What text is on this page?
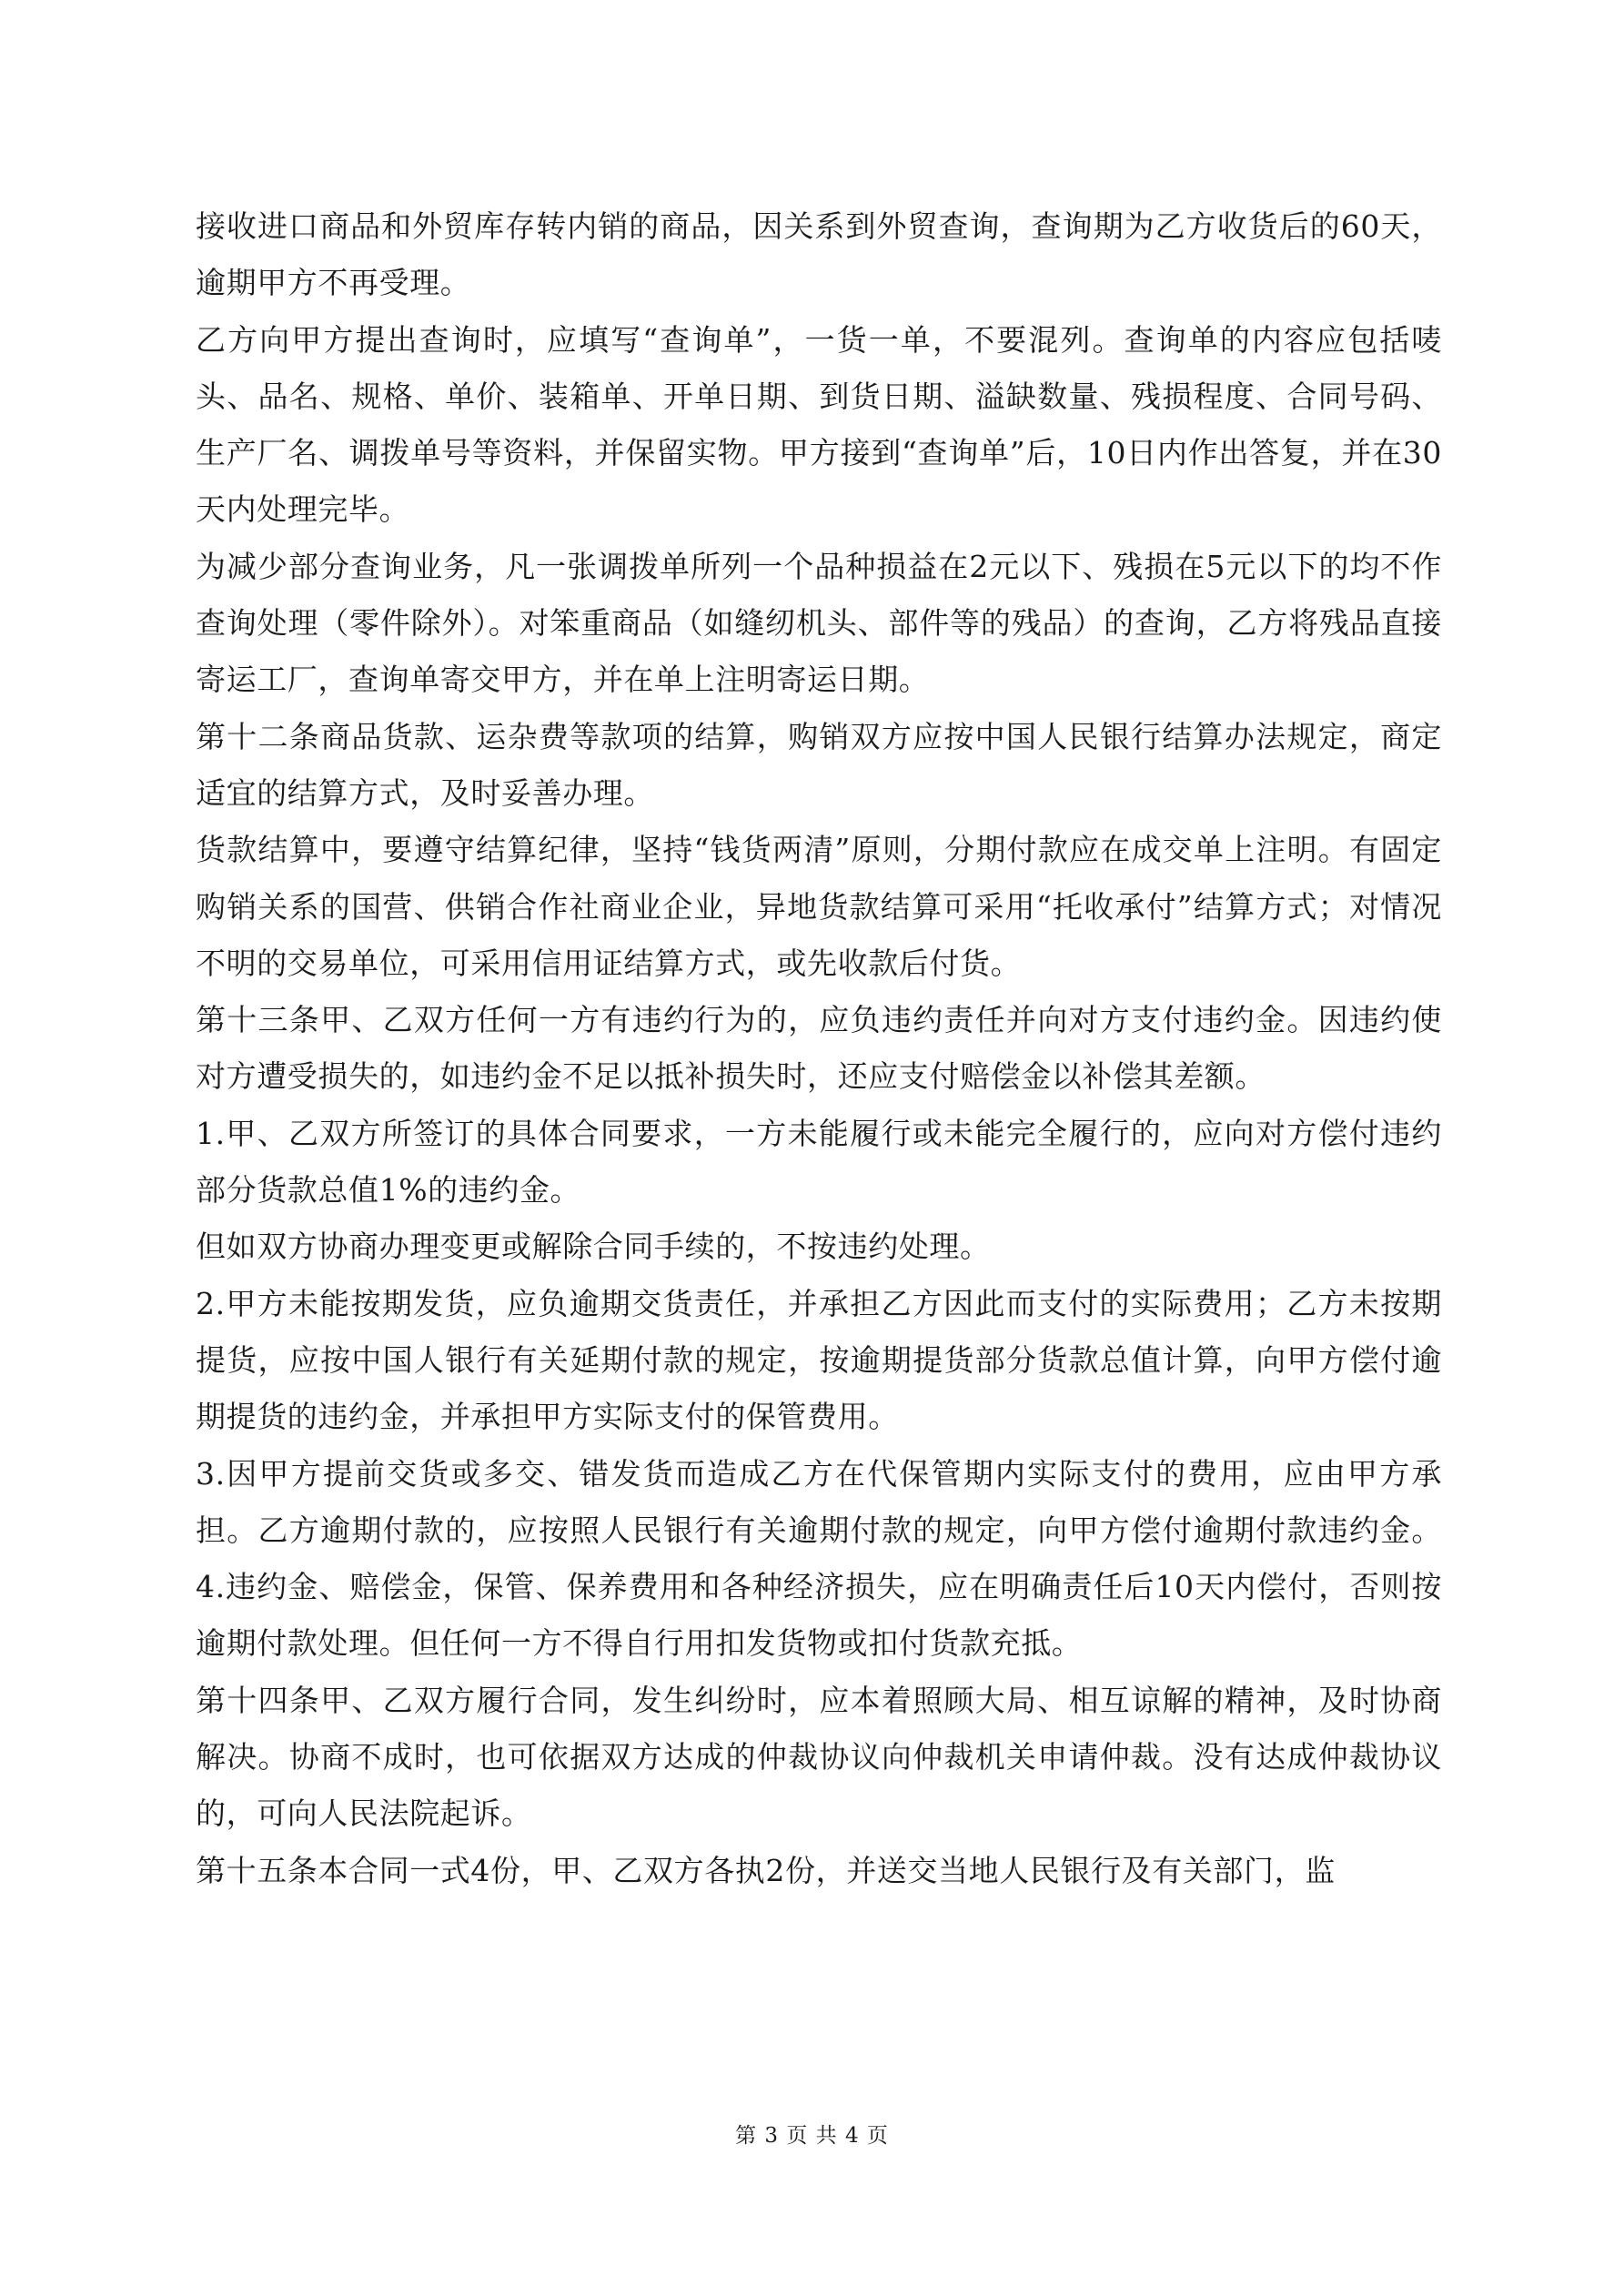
接收进口商品和外贸库存转内销的商品，因关系到外贸查询，查询期为乙方收货后的60天，逾期甲方不再受理。

乙方向甲方提出查询时，应填写“查询单”，一货一单，不要混列。查询单的内容应包括唛头、品名、规格、单价、装箱单、开单日期、到货日期、溢缺数量、残损程度、合同号码、生产厂名、调拨单号等资料，并保留实物。甲方接到“查询单”后，10日内作出答复，并在30天内处理完毕。

为减少部分查询业务，凡一张调拨单所列一个品种损益在2元以下、残损在5元以下的均不作查询处理（零件除外）。对笨重商品（如缝纫机头、部件等的残品）的查询，乙方将残品直接寄运工厂，查询单寄交甲方，并在单上注明寄运日期。

第十二条商品货款、运杂费等款项的结算，购销双方应按中国人民银行结算办法规定，商定适宜的结算方式，及时妥善办理。

货款结算中，要遵守结算纪律，坚持“钱货两清”原则，分期付款应在成交单上注明。有固定购销关系的国营、供销合作社商业企业，异地货款结算可采用“托收承付”结算方式；对情况不明的交易单位，可采用信用证结算方式，或先收款后付货。

第十三条甲、乙双方任何一方有违约行为的，应负违约责任并向对方支付违约金。因违约使对方遭受损失的，如违约金不足以抵补损失时，还应支付赔偿金以补偿其差额。

1.甲、乙双方所签订的具体合同要求，一方未能履行或未能完全履行的，应向对方偿付违约部分货款总值1%的违约金。

但如双方协商办理变更或解除合同手续的，不按违约处理。

2.甲方未能按期发货，应负逾期交货责任，并承担乙方因此而支付的实际费用；乙方未按期提货，应按中国人银行有关延期付款的规定，按逾期提货部分货款总值计算，向甲方偿付逾期提货的违约金，并承担甲方实际支付的保管费用。

3.因甲方提前交货或多交、错发货而造成乙方在代保管期内实际支付的费用，应由甲方承担。乙方逾期付款的，应按照人民银行有关逾期付款的规定，向甲方偿付逾期付款违约金。4.违约金、赔偿金，保管、保养费用和各种经济损失，应在明确责任后10天内偿付，否则按逾期付款处理。但任何一方不得自行用扣发货物或扣付货款充抵。

第十四条甲、乙双方履行合同，发生纠纷时，应本着照顾大局、相互谅解的精神，及时协商解决。协商不成时，也可依据双方达成的仲裁协议向仲裁机关申请仲裁。没有达成仲裁协议的，可向人民法院起诉。

第十五条本合同一式4份，甲、乙双方各执2份，并送交当地人民银行及有关部门，监

第 3 页 共 4 页
